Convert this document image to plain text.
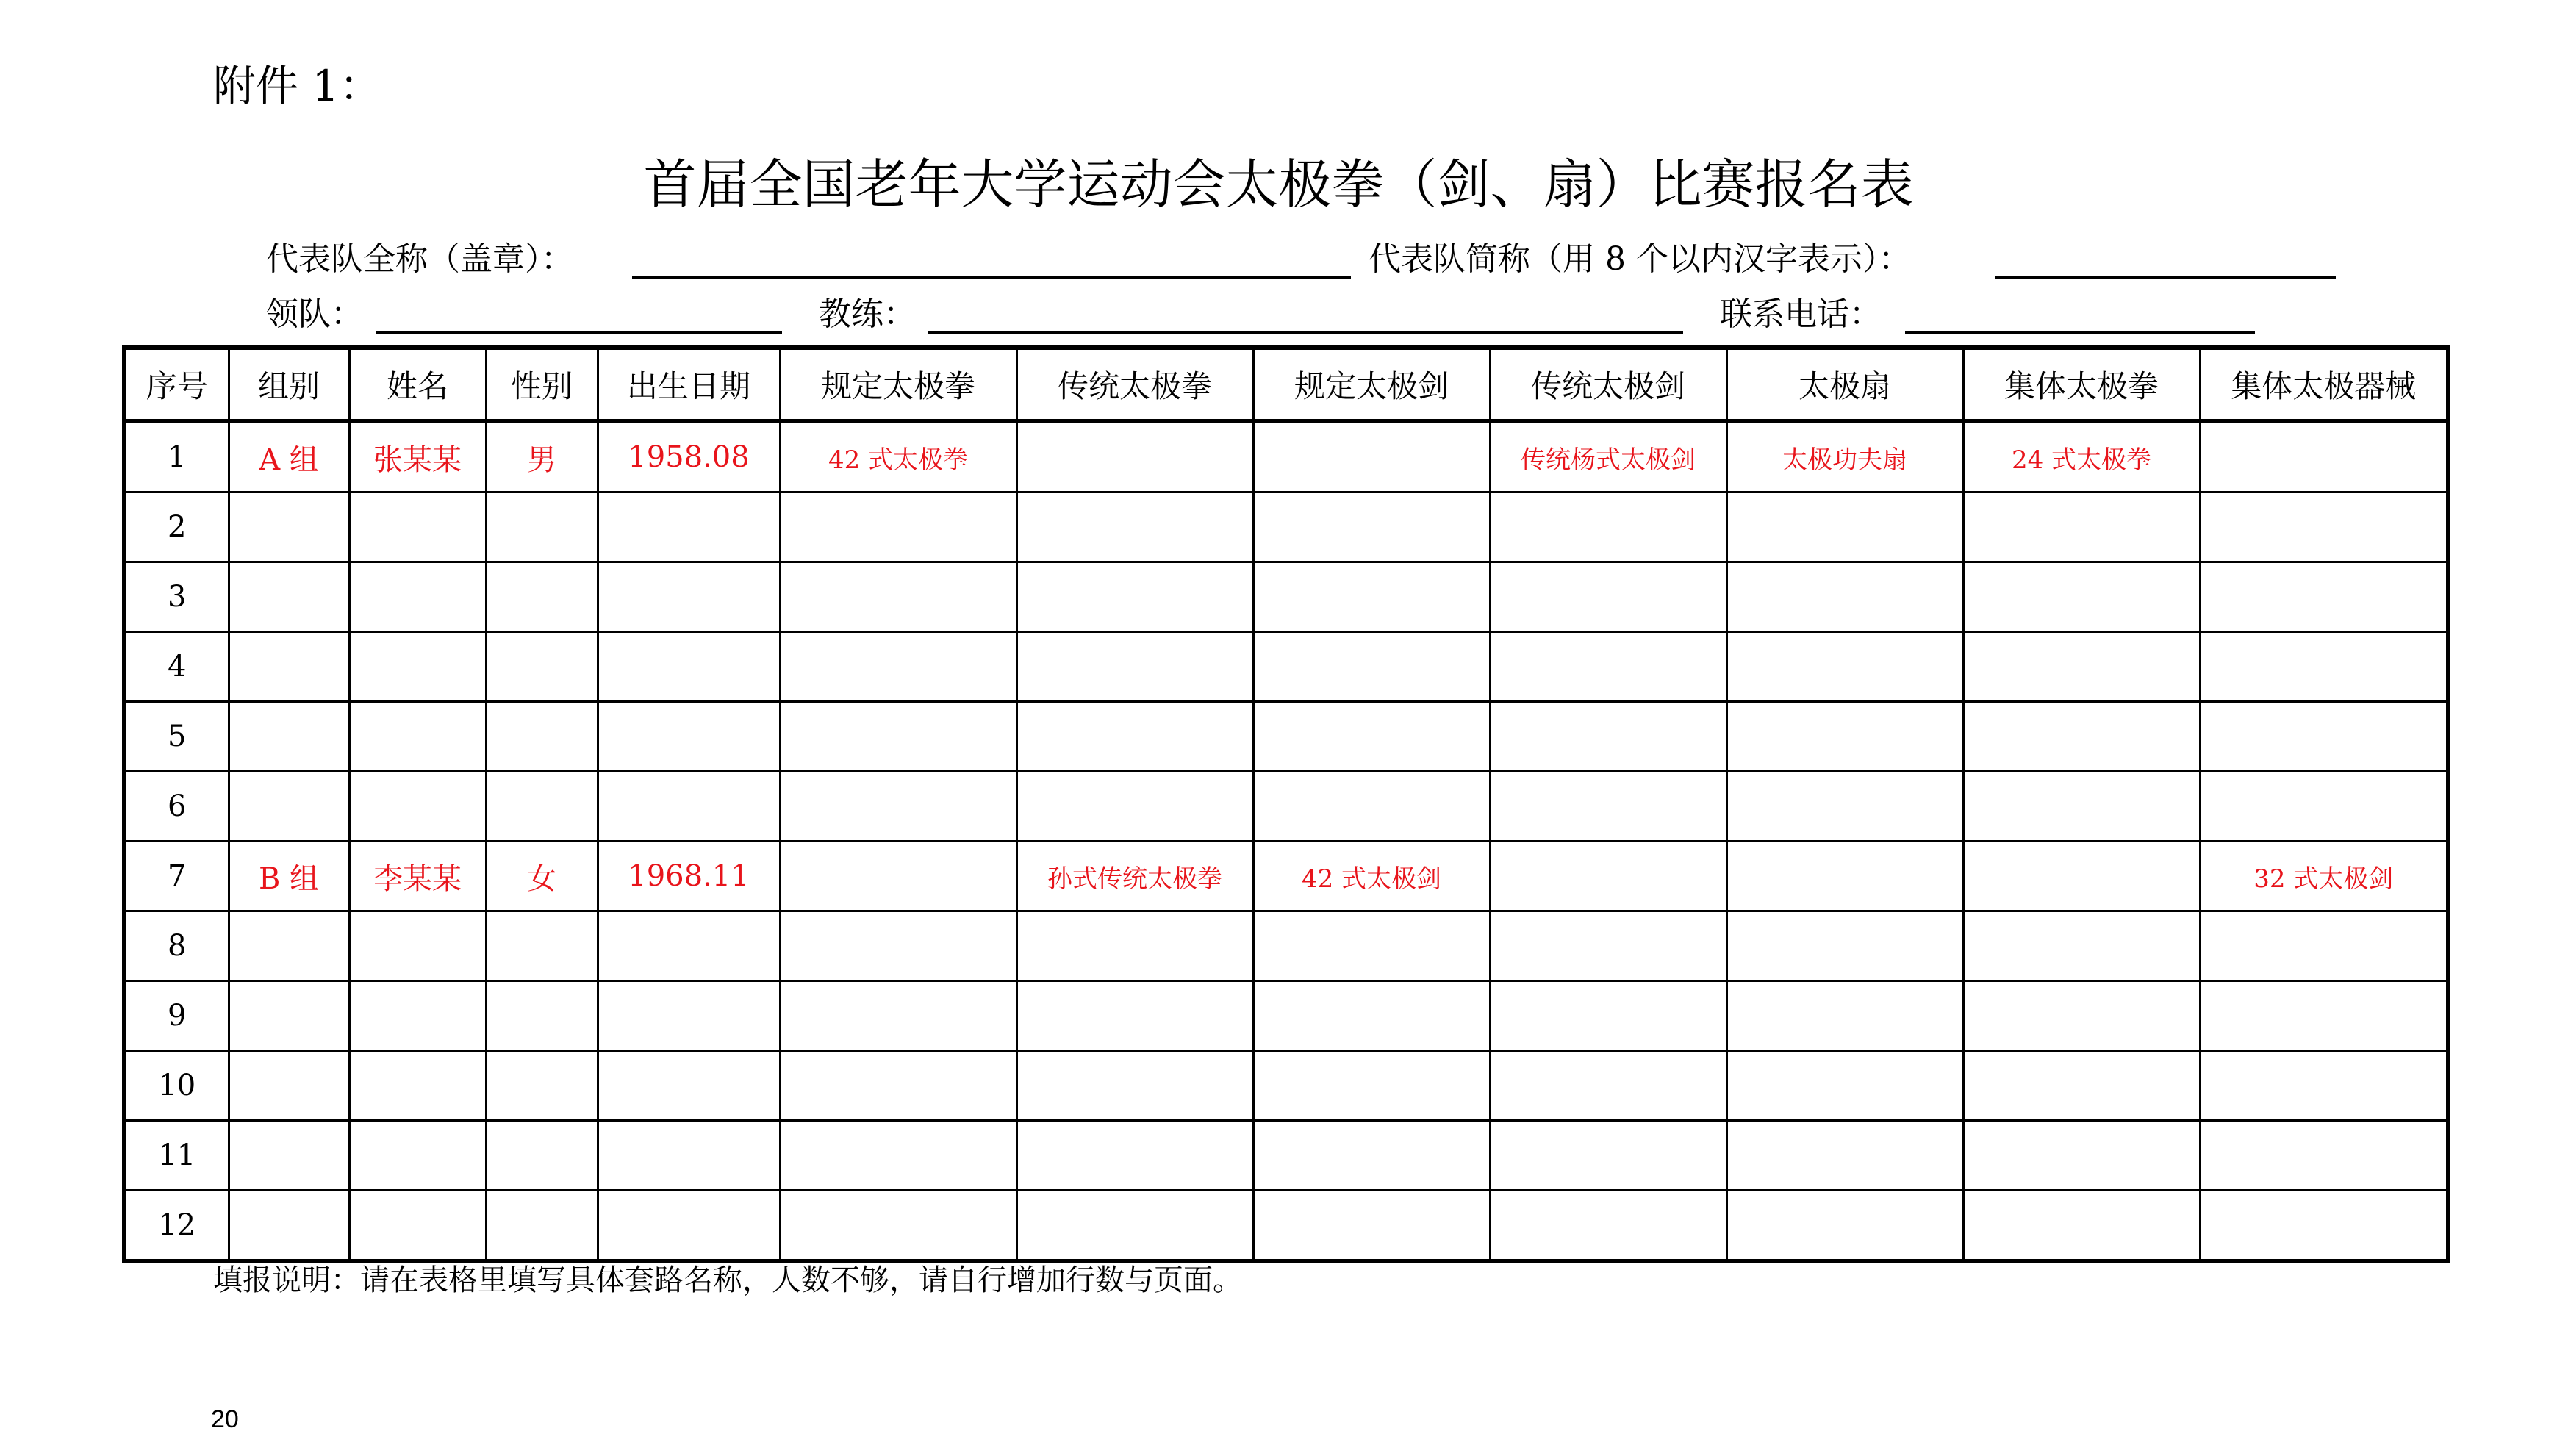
附件 1：
首届全国老年大学运动会太极拳（剑、扇）比赛报名表
代表队全称（盖章）：	代表队简称（用 8 个以内汉字表示）：
领队：	教练：	联系电话：
序号	组别	姓名	性别	出生日期	规定太极拳	传统太极拳	规定太极剑	传统太极剑	太极扇	集体太极拳	集体太极器械
1	A 组	张某某	男	1958.08	42 式太极拳			传统杨式太极剑	太极功夫扇	24 式太极拳	
2											
3											
4											
5											
6											
7	B 组	李某某	女	1968.11		孙式传统太极拳	42 式太极剑				32 式太极剑
8											
9											
10											
11											
12											
填报说明：请在表格里填写具体套路名称，人数不够，请自行增加行数与页面。
20
